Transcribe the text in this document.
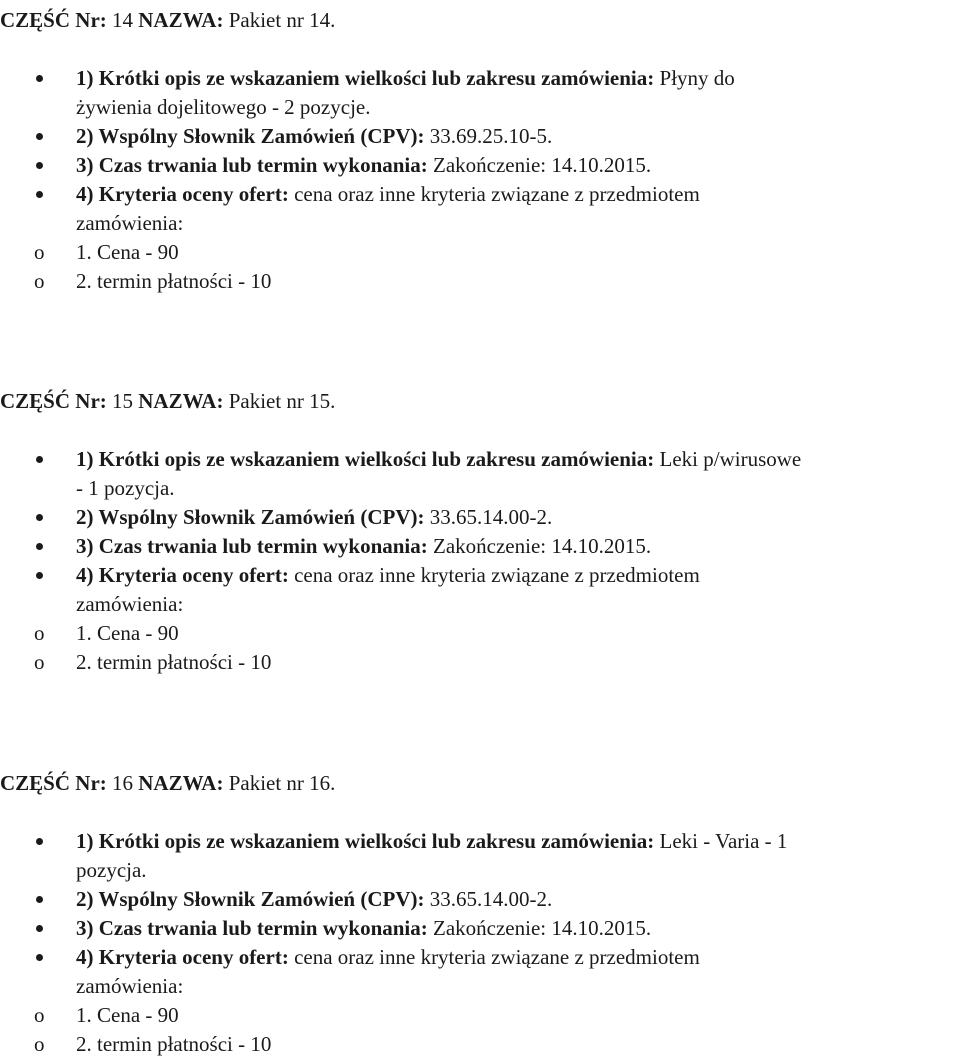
CZĘŚĆ Nr: 14 NAZWA: Pakiet nr 14.
1) Krótki opis ze wskazaniem wielkości lub zakresu zamówienia: Płyny do
żywienia dojelitowego - 2 pozycje.
2) Wspólny Słownik Zamówień (CPV): 33.69.25.10-5.
3) Czas trwania lub termin wykonania: Zakończenie: 14.10.2015.
4) Kryteria oceny ofert: cena oraz inne kryteria związane z przedmiotem
zamówienia:
o 1. Cena - 90
o 2. termin płatności - 10
CZĘŚĆ Nr: 15 NAZWA: Pakiet nr 15.
1) Krótki opis ze wskazaniem wielkości lub zakresu zamówienia: Leki p/wirusowe
- 1 pozycja.
2) Wspólny Słownik Zamówień (CPV): 33.65.14.00-2.
3) Czas trwania lub termin wykonania: Zakończenie: 14.10.2015.
4) Kryteria oceny ofert: cena oraz inne kryteria związane z przedmiotem
zamówienia:
o 1. Cena - 90
o 2. termin płatności - 10
CZĘŚĆ Nr: 16 NAZWA: Pakiet nr 16.
1) Krótki opis ze wskazaniem wielkości lub zakresu zamówienia: Leki - Varia - 1
pozycja.
2) Wspólny Słownik Zamówień (CPV): 33.65.14.00-2.
3) Czas trwania lub termin wykonania: Zakończenie: 14.10.2015.
4) Kryteria oceny ofert: cena oraz inne kryteria związane z przedmiotem
zamówienia:
o 1. Cena - 90
o 2. termin płatności - 10
